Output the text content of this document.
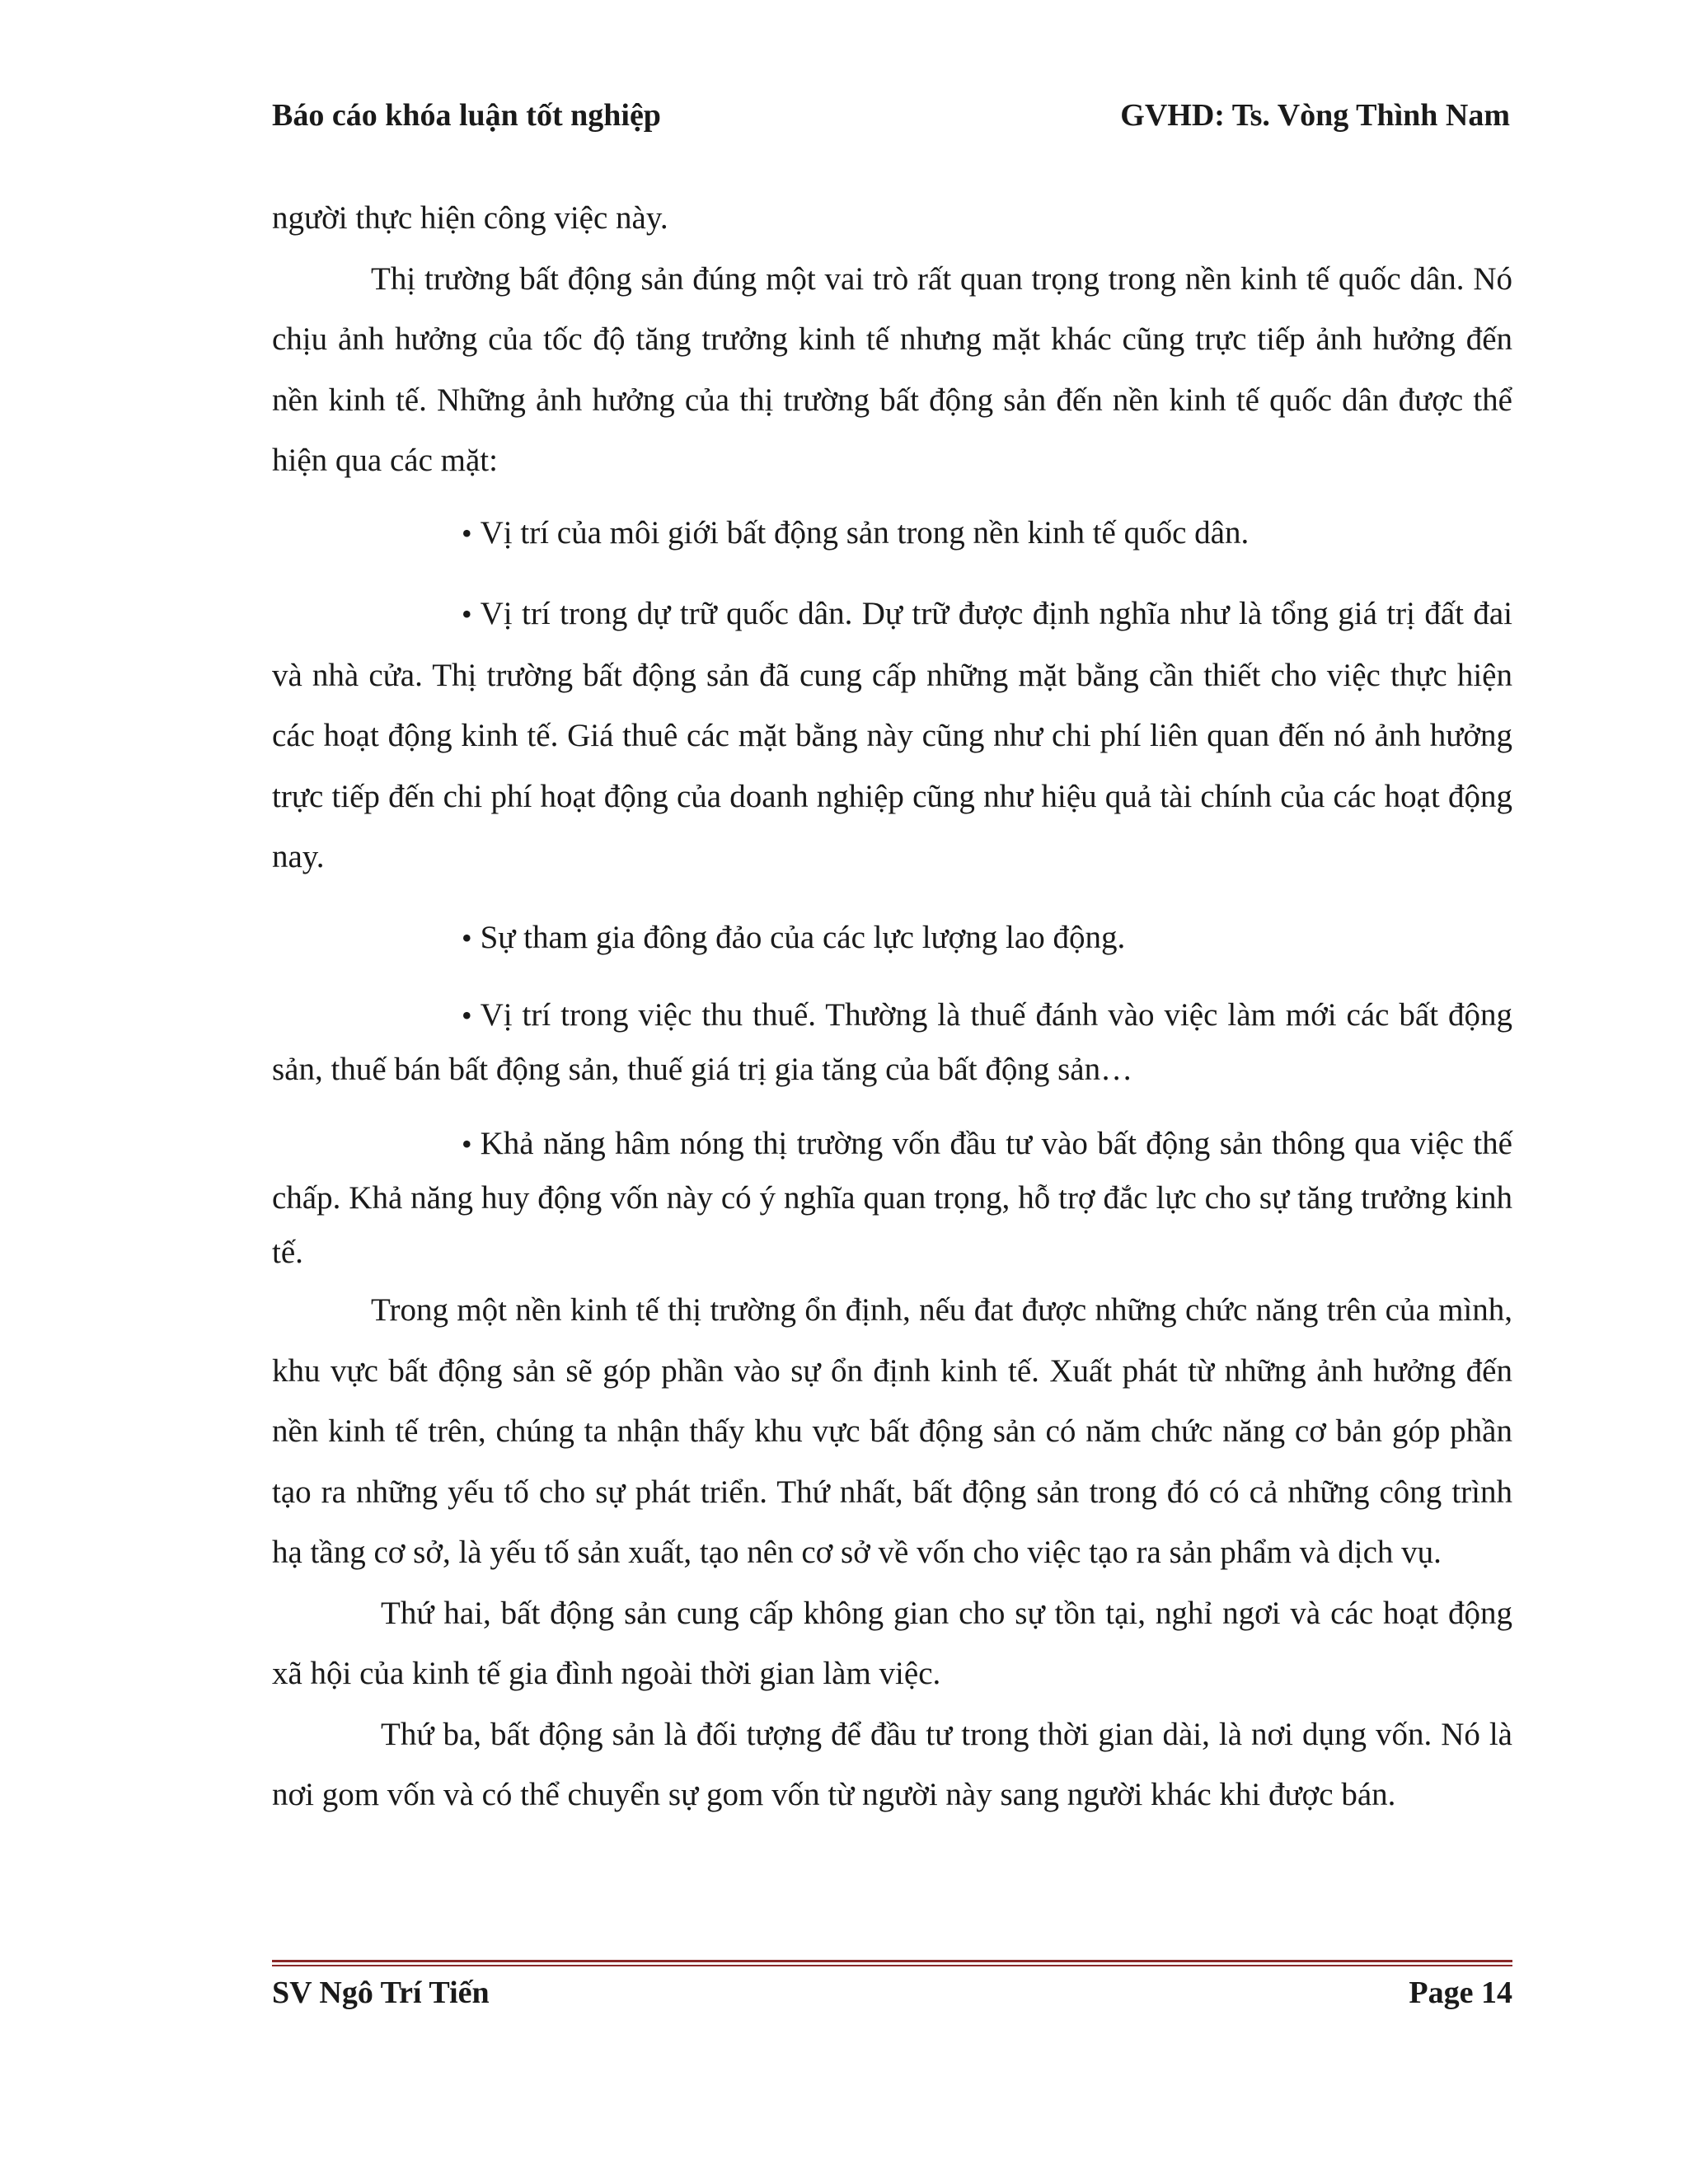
Báo cáo khóa luận tốt nghiệp	GVHD: Ts. Vòng Thình Nam

người thực hiện công việc này.

Thị trường bất động sản đúng một vai trò rất quan trọng trong nền kinh tế quốc dân. Nó chịu ảnh hưởng của tốc độ tăng trưởng kinh tế nhưng mặt khác cũng trực tiếp ảnh hưởng đến nền kinh tế. Những ảnh hưởng của thị trường bất động sản đến nền kinh tế quốc dân được thể hiện qua các mặt:

• Vị trí của môi giới bất động sản trong nền kinh tế quốc dân.

• Vị trí trong dự trữ quốc dân. Dự trữ được định nghĩa như là tổng giá trị đất đai và nhà cửa. Thị trường bất động sản đã cung cấp những mặt bằng cần thiết cho việc thực hiện các hoạt động kinh tế. Giá thuê các mặt bằng này cũng như chi phí liên quan đến nó ảnh hưởng trực tiếp đến chi phí hoạt động của doanh nghiệp cũng như hiệu quả tài chính của các hoạt động nay.

• Sự tham gia đông đảo của các lực lượng lao động.

• Vị trí trong việc thu thuế. Thường là thuế đánh vào việc làm mới các bất động sản, thuế bán bất động sản, thuế giá trị gia tăng của bất động sản…

• Khả năng hâm nóng thị trường vốn đầu tư vào bất động sản thông qua việc thế chấp. Khả năng huy động vốn này có ý nghĩa quan trọng, hỗ trợ đắc lực cho sự tăng trưởng kinh tế.

Trong một nền kinh tế thị trường ổn định, nếu đat được những chức năng trên của mình, khu vực bất động sản sẽ góp phần vào sự ổn định kinh tế. Xuất phát từ những ảnh hưởng đến nền kinh tế trên, chúng ta nhận thấy khu vực bất động sản có năm chức năng cơ bản góp phần tạo ra những yếu tố cho sự phát triển. Thứ nhất, bất động sản trong đó có cả những công trình hạ tầng cơ sở, là yếu tố sản xuất, tạo nên cơ sở về vốn cho việc tạo ra sản phẩm và dịch vụ.

Thứ hai, bất động sản cung cấp không gian cho sự tồn tại, nghỉ ngơi và các hoạt động xã hội của kinh tế gia đình ngoài thời gian làm việc.

Thứ ba, bất động sản là đối tượng để đầu tư trong thời gian dài, là nơi dụng vốn. Nó là nơi gom vốn và có thể chuyển sự gom vốn từ người này sang người khác khi được bán.

SV Ngô Trí Tiến	Page 14
